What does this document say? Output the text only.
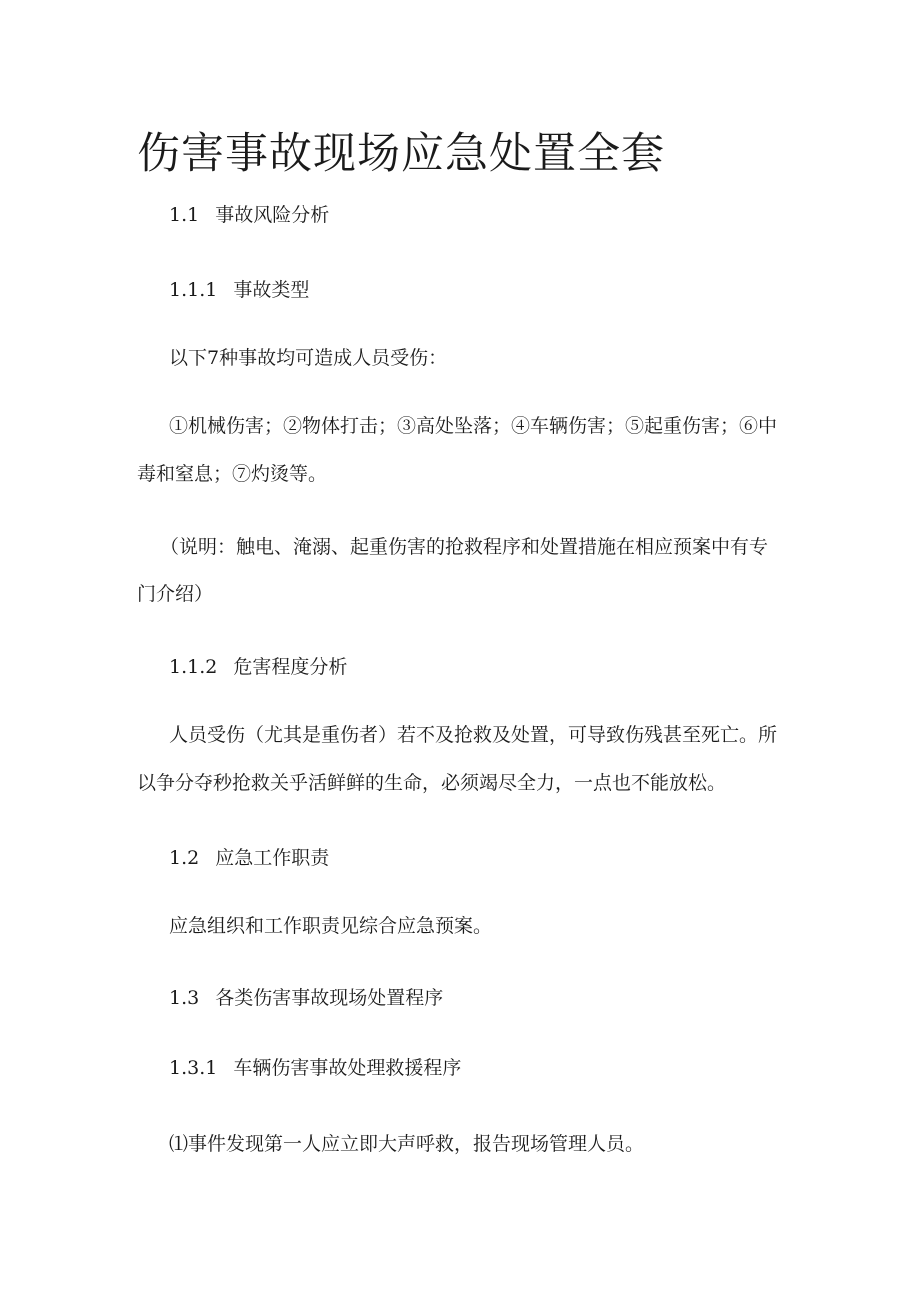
伤害事故现场应急处置全套

1.1 事故风险分析

1.1.1 事故类型

以下7种事故均可造成人员受伤：

①机械伤害；②物体打击；③高处坠落；④车辆伤害；⑤起重伤害；⑥中

毒和窒息；⑦灼烫等。

（说明：触电、淹溺、起重伤害的抢救程序和处置措施在相应预案中有专

门介绍）

1.1.2 危害程度分析

人员受伤（尤其是重伤者）若不及抢救及处置，可导致伤残甚至死亡。所

以争分夺秒抢救关乎活鲜鲜的生命，必须竭尽全力，一点也不能放松。

1.2 应急工作职责

应急组织和工作职责见综合应急预案。

1.3 各类伤害事故现场处置程序

1.3.1 车辆伤害事故处理救援程序

⑴事件发现第一人应立即大声呼救，报告现场管理人员。
